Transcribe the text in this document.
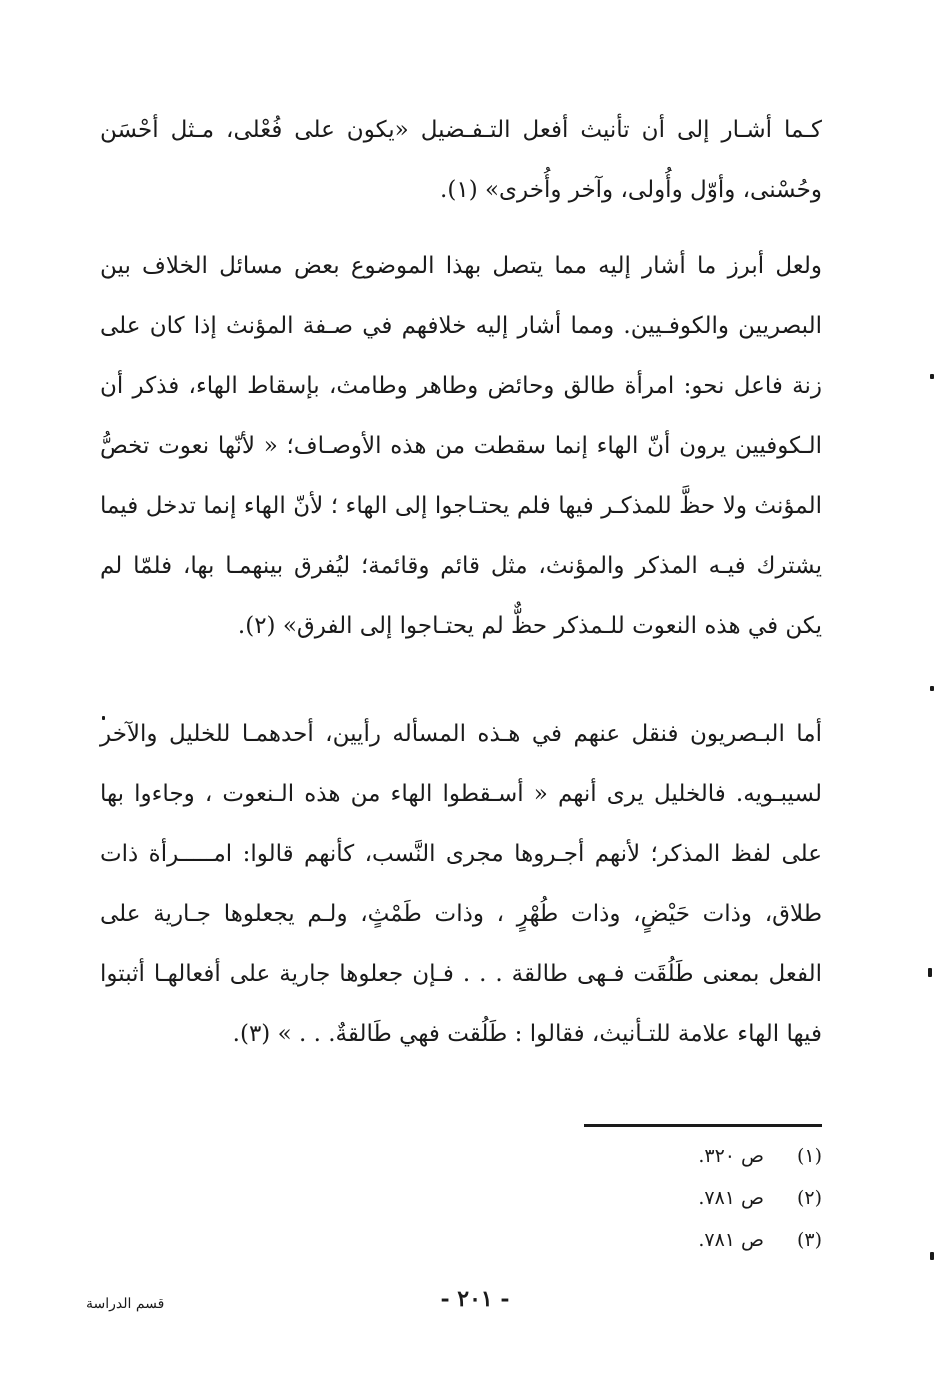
كـما أشـار إلى أن تأنيث أفعل التـفـضيل «يكون على فُعْلى، مـثل أحْسَن وحُسْنى، وأوّل وأُولى، وآخر وأُخرى» (١).

ولعل أبرز ما أشار إليه مما يتصل بهذا الموضوع بعض مسائل الخلاف بين البصريين والكوفـيين. ومما أشار إليه خلافهم في صـفة المؤنث إذا كان على زنة فاعل نحو: امرأة طالق وحائض وطاهر وطامث، بإسقاط الهاء، فذكر أن الـكوفيين يرون أنّ الهاء إنما سقطت من هذه الأوصـاف؛ « لأنّها نعوت تخصُّ المؤنث ولا حظَّ للمذكـر فيها فلم يحتـاجوا إلى الهاء ؛ لأنّ الهاء إنما تدخل فيما يشترك فيـه المذكر والمؤنث، مثل قائم وقائمة؛ ليُفرق بينهمـا بها، فلمّا لم يكن في هذه النعوت للـمذكر حظٌّ لم يحتـاجوا إلى الفرق» (٢).

أما البـصريون فنقل عنهم في هـذه المسأله رأيين، أحدهمـا للخليل والآخر لسيبـويه. فالخليل يرى أنهم « أسـقطوا الهاء من هذه الـنعوت ، وجاءوا بها على لفظ المذكر؛ لأنهم أجـروها مجرى النَّسب، كأنهم قالوا: امـــــرأة ذات طلاق، وذات حَيْضٍ، وذات طُهْرٍ ، وذات طَمْثٍ، ولـم يجعلوها جـارية على الفعل بمعنى طَلُقَت فـهى طالقة . . . فـإن جعلوها جارية على أفعالهـا أثبتوا فيها الهاء علامة للتـأنيث، فقالوا : طَلُقت فهي طَالقةٌ. . . » (٣).

(١)
ص ٣٢٠.
(٢)
ص ٧٨١.
(٣)
ص ٧٨١.
- ٢٠١ -
قسم الدراسة
